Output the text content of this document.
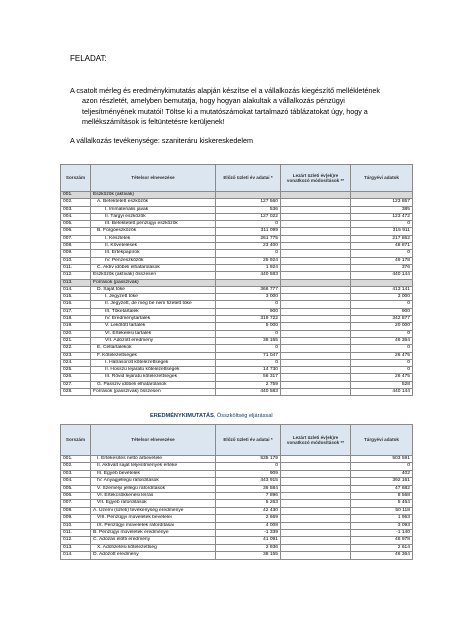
FELADAT:
A csatolt mérleg és eredménykimutatás alapján készítse el a vállalkozás kiegészítő mellékletének
azon részletét, amelyben bemutatja, hogy hogyan alakultak a vállalkozás pénzügyi
teljesítményének mutatói! Töltse ki a mutatószámokat tartalmazó táblázatokat úgy, hogy a
mellékszámítások is feltüntetésre kerüljenek!
A vállalkozás tevékenysége: szaniteráru kiskereskedelem
Sorszám	Tételsor elnevezése	Előző üzleti év adatai *	Lezárt üzleti év(ek)re vonatkozó módosítások **	Tárgyévi adatok
001.	Eszközök (aktívák)			
002.	A. Befektetett eszközök	127 560		123 857
003.	I. Immateriális javak	536		385
004.	II. Tárgyi eszközök	127 022		123 472
005.	III. Befektetett pénzügyi eszközök	0		0
006.	B. Forgóeszközök	311 099		315 911
007.	I. Készletek	261 775		217 862
008.	II. Követelések	23 400		48 871
009.	III. Értékpapírok	0		0
010.	IV. Pénzeszközök	25 924		49 178
011.	C. Aktív időbeli elhatárolások	1 924		376
012.	Eszközök (aktívák) összesen	440 583		440 144
013.	Források (passzívák)			
014.	D. Saját tőke	366 777		413 141
015.	I. Jegyzett tőke	3 000		3 000
016.	II. Jegyzett, de még be nem fizetett tőke	0		0
017.	III. Tőketartalék	900		900
018.	IV. Eredménytartalék	319 722		342 877
019.	V. Lekötött tartalék	5 000		20 000
020.	VI. Értékelési tartalék	0		0
021.	VII. Adózott eredmény	38 155		46 364
022.	E. Céltartalékok	0		0
023.	F. Kötelezettségek	71 047		26 475
024.	I. Hátrasorolt kötelezettségek	0		0
025.	II. Hosszú lejáratú kötelezettségek	14 730		0
026.	III. Rövid lejáratú kötelezettségek	56 317		26 475
027.	G. Passzív időbeli elhatárolások	2 759		528
028.	Források (passzívák) összesen	440 583		440 144
EREDMÉNYKIMUTATÁS, Összköltség eljárással
Sorszám	Tételsor elnevezése	Előző üzleti év adatai *	Lezárt üzleti év(ek)re vonatkozó módosítások **	Tárgyévi adatok
001.	I. Értékesítés nettó árbevétele	535 179		503 591
002.	II. Aktivált saját teljesítmények értéke	0		0
003.	III. Egyéb bevételek	909		402
004.	IV. Anyagjellegű ráfordítások	443 915		392 161
005.	V. Személyi jellegű ráfordítások	36 584		47 682
006.	VI. Értékcsökkenési leírás	7 896		8 568
007.	VII. Egyéb ráfordítások	5 263		5 464
008.	A. Üzemi (üzleti) tevékenység eredménye	42 430		50 118
009.	VIII. Pénzügyi műveletek bevételei	2 669		1 953
010.	IX. Pénzügyi műveletek ráfordításai	4 008		3 093
011.	B. Pénzügyi műveletek eredménye	-1 339		-1 140
012.	C. Adózás előtti eredmény	41 091		48 978
013.	X. Adófizetési kötelezettség	2 936		2 614
014.	D. Adózott eredmény	38 155		46 364
